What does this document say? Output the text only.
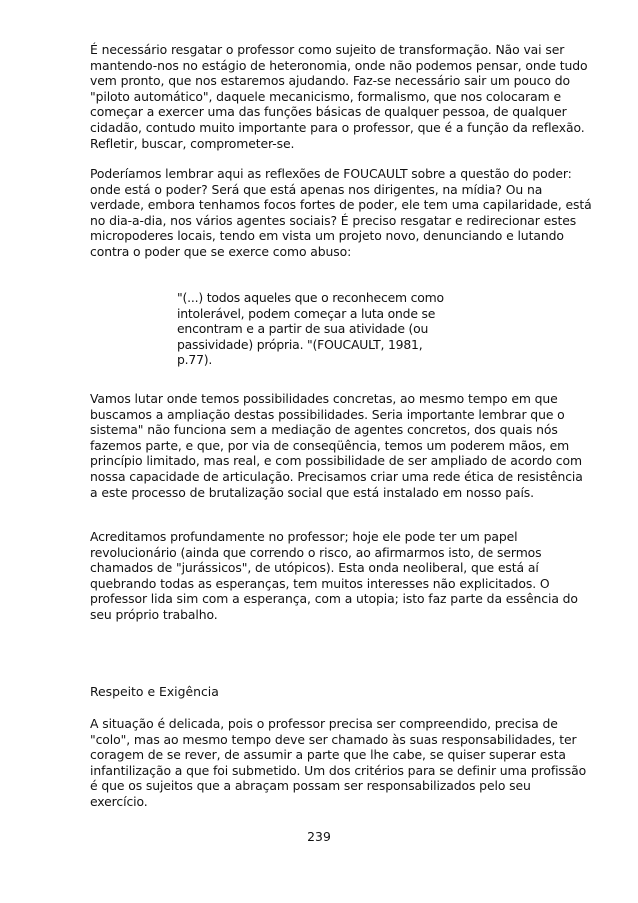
É necessário resgatar o professor como sujeito de transformação. Não vai ser mantendo-nos no estágio de heteronomia, onde não podemos pensar, onde tudo vem pronto, que nos estaremos ajudando. Faz-se necessário sair um pouco do "piloto automático", daquele mecanicismo, formalismo, que nos colocaram e começar a exercer uma das funções básicas de qualquer pessoa, de qualquer cidadão, contudo muito importante para o professor, que é a função da reflexão. Refletir, buscar, comprometer-se.

Poderíamos lembrar aqui as reflexões de FOUCAULT sobre a questão do poder: onde está o poder? Será que está apenas nos dirigentes, na mídia? Ou na verdade, embora tenhamos focos fortes de poder, ele tem uma capilaridade, está no dia-a-dia, nos vários agentes sociais? É preciso resgatar e redirecionar estes micropoderes locais, tendo em vista um projeto novo, denunciando e lutando contra o poder que se exerce como abuso:

"(...) todos aqueles que o reconhecem como intolerável, podem começar a luta onde se encontram e a partir de sua atividade (ou passividade) própria. "(FOUCAULT, 1981, p.77).

Vamos lutar onde temos possibilidades concretas, ao mesmo tempo em que buscamos a ampliação destas possibilidades. Seria importante lembrar que o sistema" não funciona sem a mediação de agentes concretos, dos quais nós fazemos parte, e que, por via de conseqüência, temos um poderem mãos, em princípio limitado, mas real, e com possibilidade de ser ampliado de acordo com nossa capacidade de articulação. Precisamos criar uma rede ética de resistência a este processo de brutalização social que está instalado em nosso país.

Acreditamos profundamente no professor; hoje ele pode ter um papel revolucionário (ainda que correndo o risco, ao afirmarmos isto, de sermos chamados de "jurássicos", de utópicos). Esta onda neoliberal, que está aí quebrando todas as esperanças, tem muitos interesses não explicitados. O professor lida sim com a esperança, com a utopia; isto faz parte da essência do seu próprio trabalho.

Respeito e Exigência

A situação é delicada, pois o professor precisa ser compreendido, precisa de "colo", mas ao mesmo tempo deve ser chamado às suas responsabilidades, ter coragem de se rever, de assumir a parte que lhe cabe, se quiser superar esta infantilização a que foi submetido. Um dos critérios para se definir uma profissão é que os sujeitos que a abraçam possam ser responsabilizados pelo seu exercício.

239
